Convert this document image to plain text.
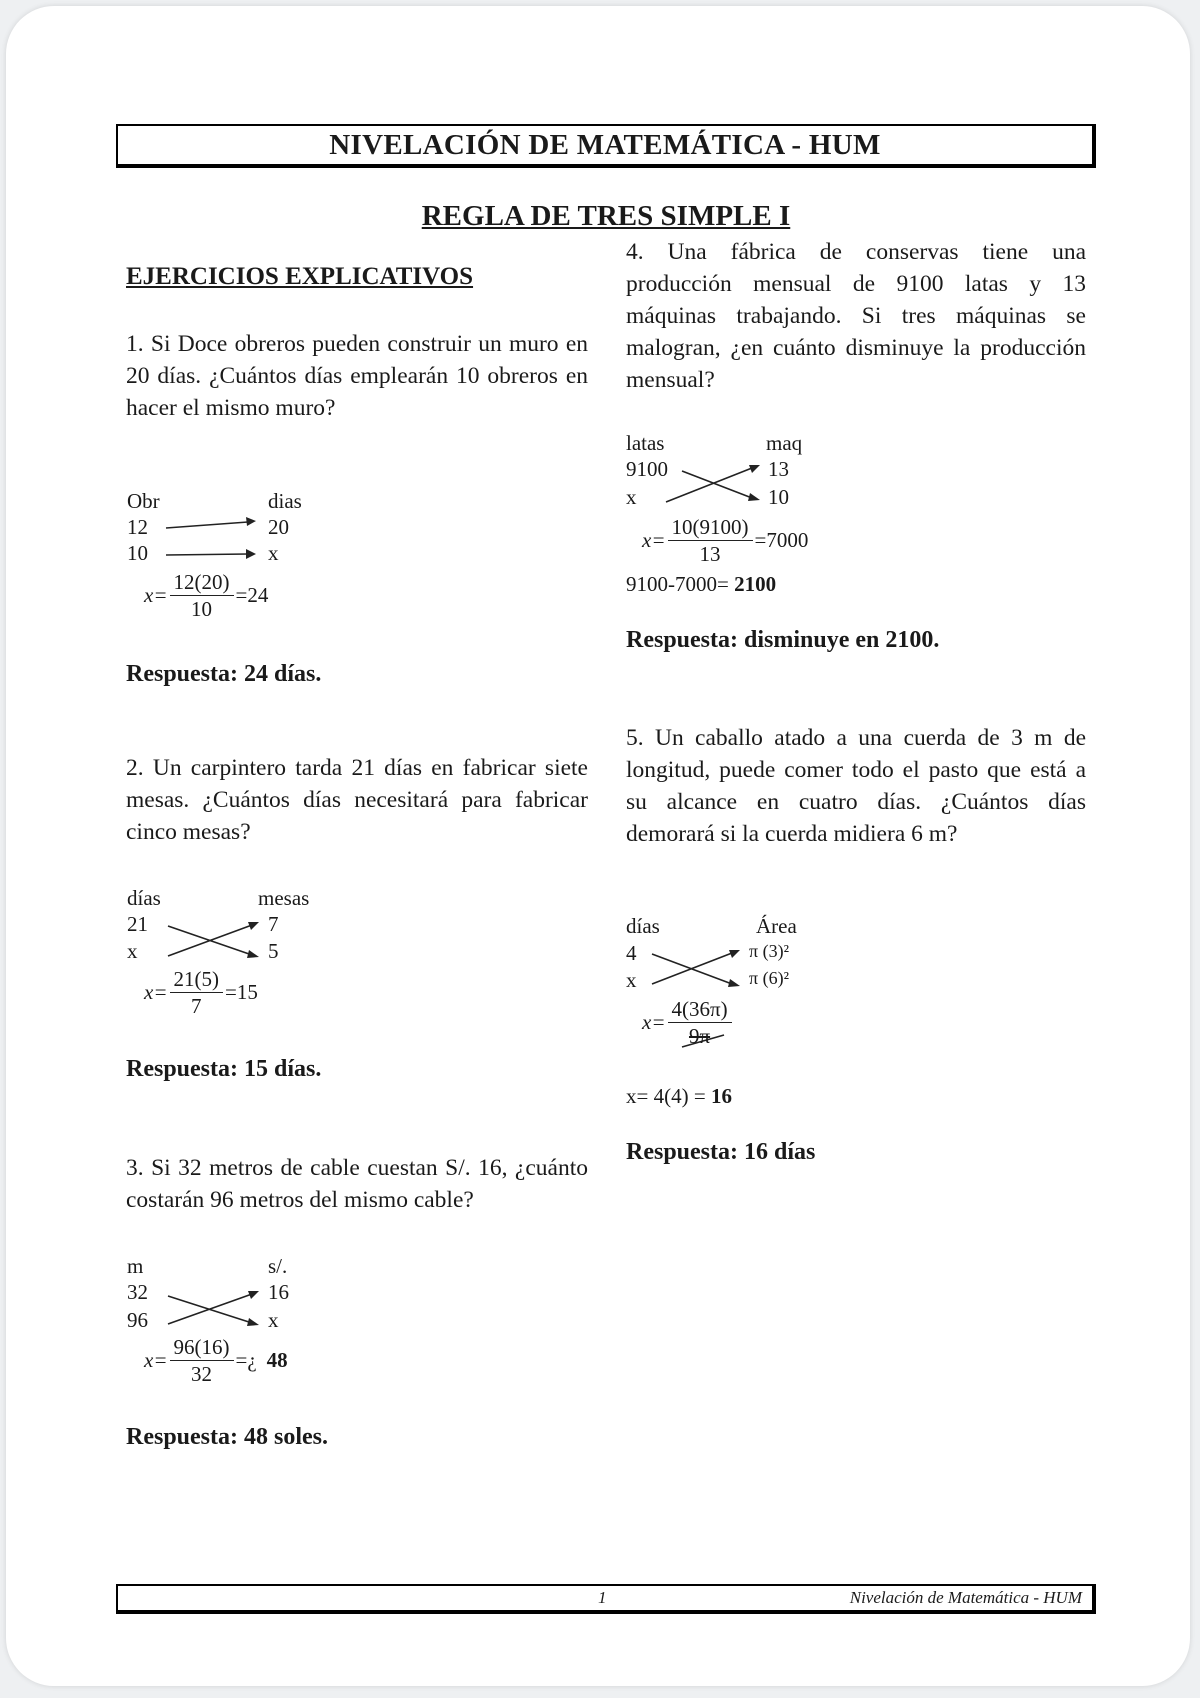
NIVELACIÓN DE MATEMÁTICA - HUM
REGLA DE TRES SIMPLE I
EJERCICIOS EXPLICATIVOS
1. Si Doce obreros pueden construir un muro en 20 días. ¿Cuántos días emplearán 10 obreros en hacer el mismo muro?
Obr	dias
12	20
10	x
$x= \frac{12(20)}{10} =24$
Respuesta: 24 días.
2. Un carpintero tarda 21 días en fabricar siete mesas. ¿Cuántos días necesitará para fabricar cinco mesas?
días	mesas
21	7
x	5
$x= \frac{21(5)}{7} =15$
Respuesta: 15 días.
3. Si 32 metros de cable cuestan S/. 16, ¿cuánto costarán 96 metros del mismo cable?
m	s/.
32	16
96	x
$x= \frac{96(16)}{32}$ =¿ 48
Respuesta: 48 soles.
4. Una fábrica de conservas tiene una producción mensual de 9100 latas y 13 máquinas trabajando. Si tres máquinas se malogran, ¿en cuánto disminuye la producción mensual?
latas	maq
9100	13
x	10
$x= \frac{10(9100)}{13} =7000$
9100-7000= 2100
Respuesta: disminuye en 2100.
5. Un caballo atado a una cuerda de 3 m de longitud, puede comer todo el pasto que está a su alcance en cuatro días. ¿Cuántos días demorará si la cuerda midiera 6 m?
días	Área
4	π (3)²
x	π (6)²
$x= \frac{4(36\pi)}{9\pi}$
x= 4(4) = 16
Respuesta: 16 días
1	Nivelación de Matemática - HUM
